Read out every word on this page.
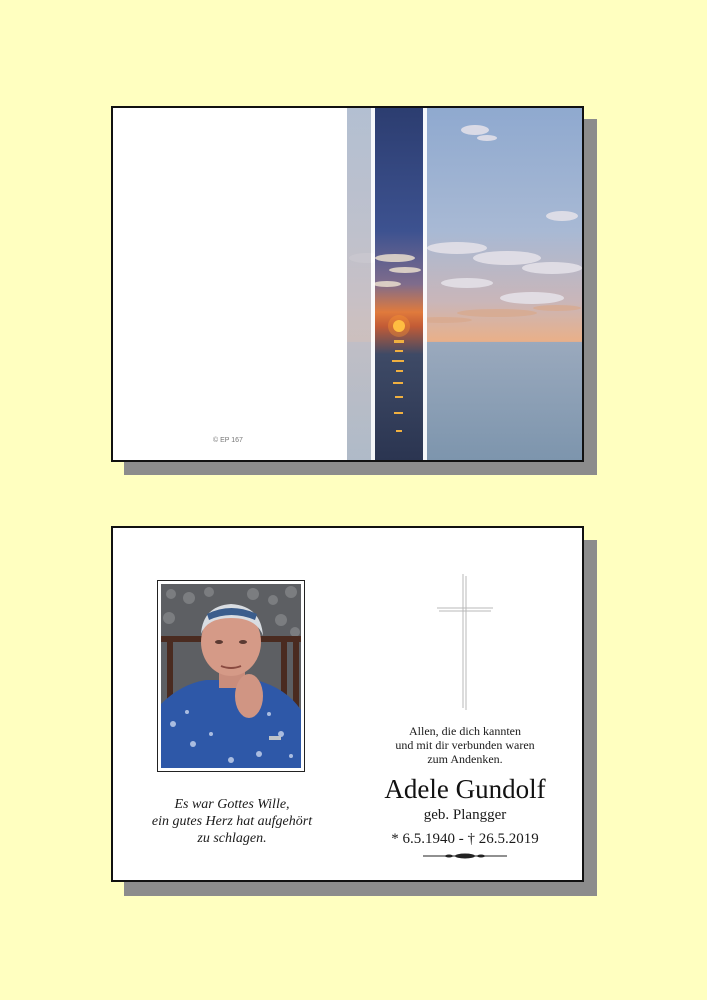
© EP 167
Es war Gottes Wille,
ein gutes Herz hat aufgehört
zu schlagen.
Allen, die dich kannten
und mit dir verbunden waren
zum Andenken.
Adele Gundolf
geb. Plangger
* 6.5.1940 - † 26.5.2019
